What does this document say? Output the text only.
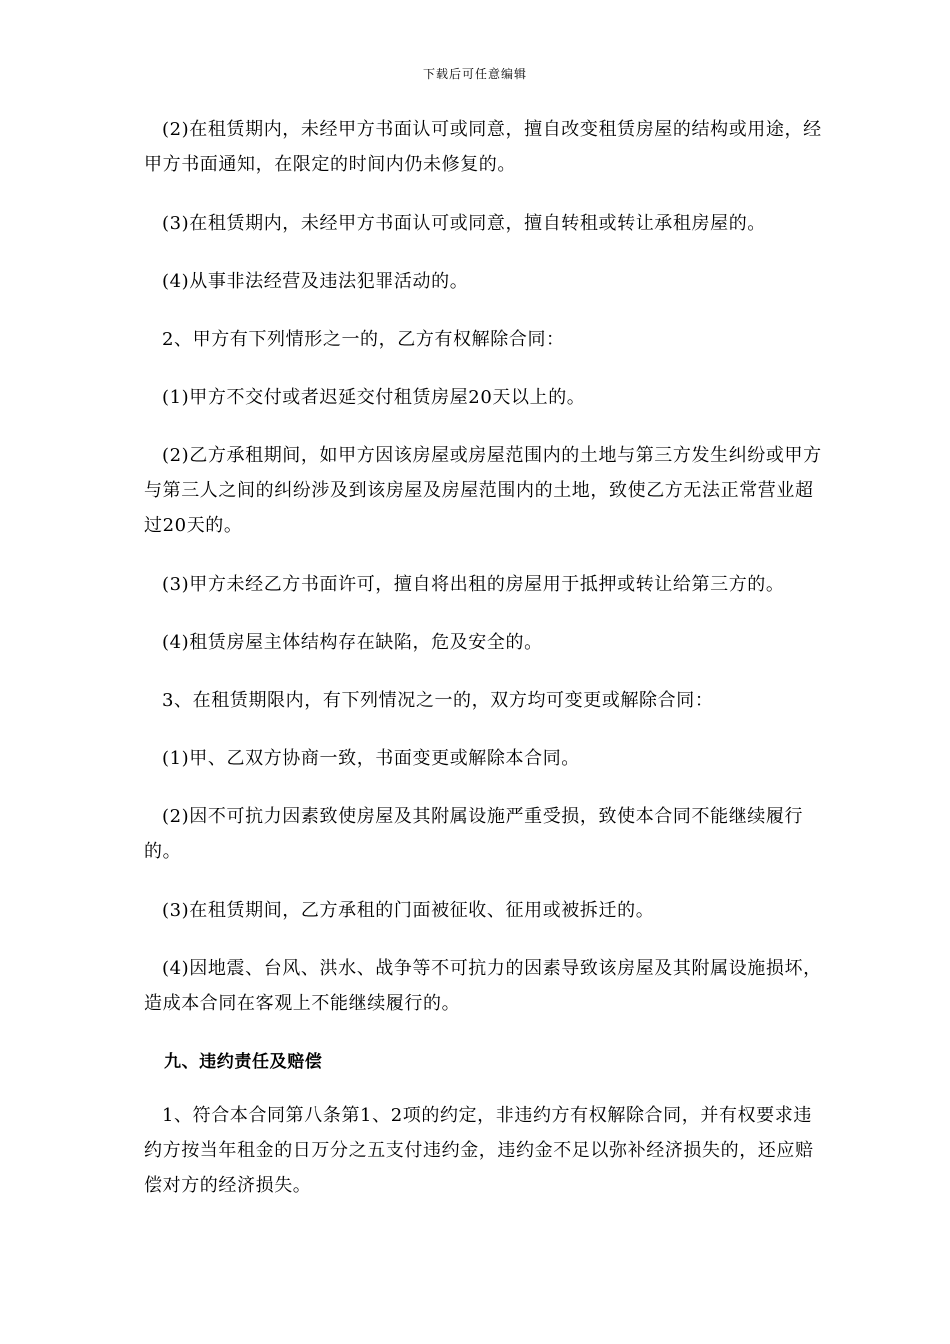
下载后可任意编辑

(2)在租赁期内，未经甲方书面认可或同意，擅自改变租赁房屋的结构或用途，经甲方书面通知，在限定的时间内仍未修复的。

(3)在租赁期内，未经甲方书面认可或同意，擅自转租或转让承租房屋的。

(4)从事非法经营及违法犯罪活动的。

2、甲方有下列情形之一的，乙方有权解除合同：

(1)甲方不交付或者迟延交付租赁房屋20天以上的。

(2)乙方承租期间，如甲方因该房屋或房屋范围内的土地与第三方发生纠纷或甲方与第三人之间的纠纷涉及到该房屋及房屋范围内的土地，致使乙方无法正常营业超过20天的。

(3)甲方未经乙方书面许可，擅自将出租的房屋用于抵押或转让给第三方的。

(4)租赁房屋主体结构存在缺陷，危及安全的。

3、在租赁期限内，有下列情况之一的，双方均可变更或解除合同：

(1)甲、乙双方协商一致，书面变更或解除本合同。

(2)因不可抗力因素致使房屋及其附属设施严重受损，致使本合同不能继续履行的。

(3)在租赁期间，乙方承租的门面被征收、征用或被拆迁的。

(4)因地震、台风、洪水、战争等不可抗力的因素导致该房屋及其附属设施损坏，造成本合同在客观上不能继续履行的。

九、违约责任及赔偿

1、符合本合同第八条第1、2项的约定，非违约方有权解除合同，并有权要求违约方按当年租金的日万分之五支付违约金，违约金不足以弥补经济损失的，还应赔偿对方的经济损失。
